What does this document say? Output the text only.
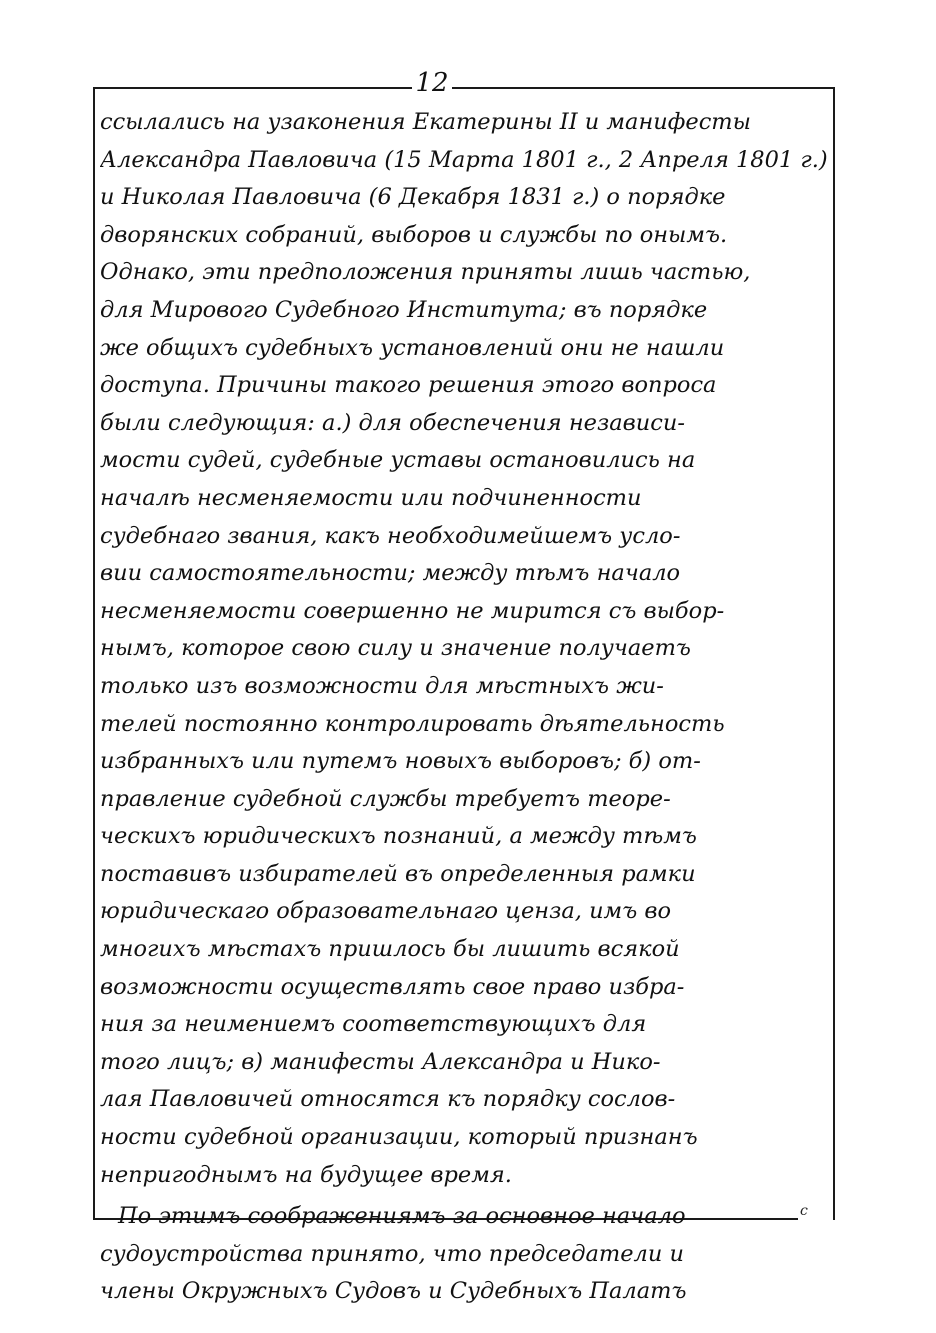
12
ссылались на узаконения Екатерины II и манифесты
Александра Павловича (15 Марта 1801 г., 2 Апреля 1801 г.)
и Николая Павловича (6 Декабря 1831 г.) о порядке
дворянских собраний, выборов и службы по онымъ.
Однако, эти предположения приняты лишь частью,
для Мирового Судебного Института; въ порядке
же общихъ судебныхъ установлений они не нашли
доступа. Причины такого решения этого вопроса
были следующия: а.) для обеспечения независи-
мости судей, судебные уставы остановились на
началѣ несменяемости или подчиненности
судебнаго звания, какъ необходимейшемъ усло-
вии самостоятельности; между тѣмъ начало
несменяемости совершенно не мирится съ выбор-
нымъ, которое свою силу и значение получаетъ
только изъ возможности для мѣстныхъ жи-
телей постоянно контролировать дѣятельность
избранныхъ или путемъ новыхъ выборовъ; б) от-
правление судебной службы требуетъ теоре-
ческихъ юридическихъ познаний, а между тѣмъ
поставивъ избирателей въ определенныя рамки
юридическаго образовательнаго ценза, имъ во
многихъ мѣстахъ пришлось бы лишить всякой
возможности осуществлять свое право избра-
ния за неимениемъ соответствующихъ для
того лицъ; в) манифесты Александра и Нико-
лая Павловичей относятся къ порядку сослов-
ности судебной организации, который признанъ
непригоднымъ на будущее время.
По этимъ соображениямъ за основное начало
судоустройства принято, что председатели и
члены Окружныхъ Судовъ и Судебныхъ Палатъ
с
